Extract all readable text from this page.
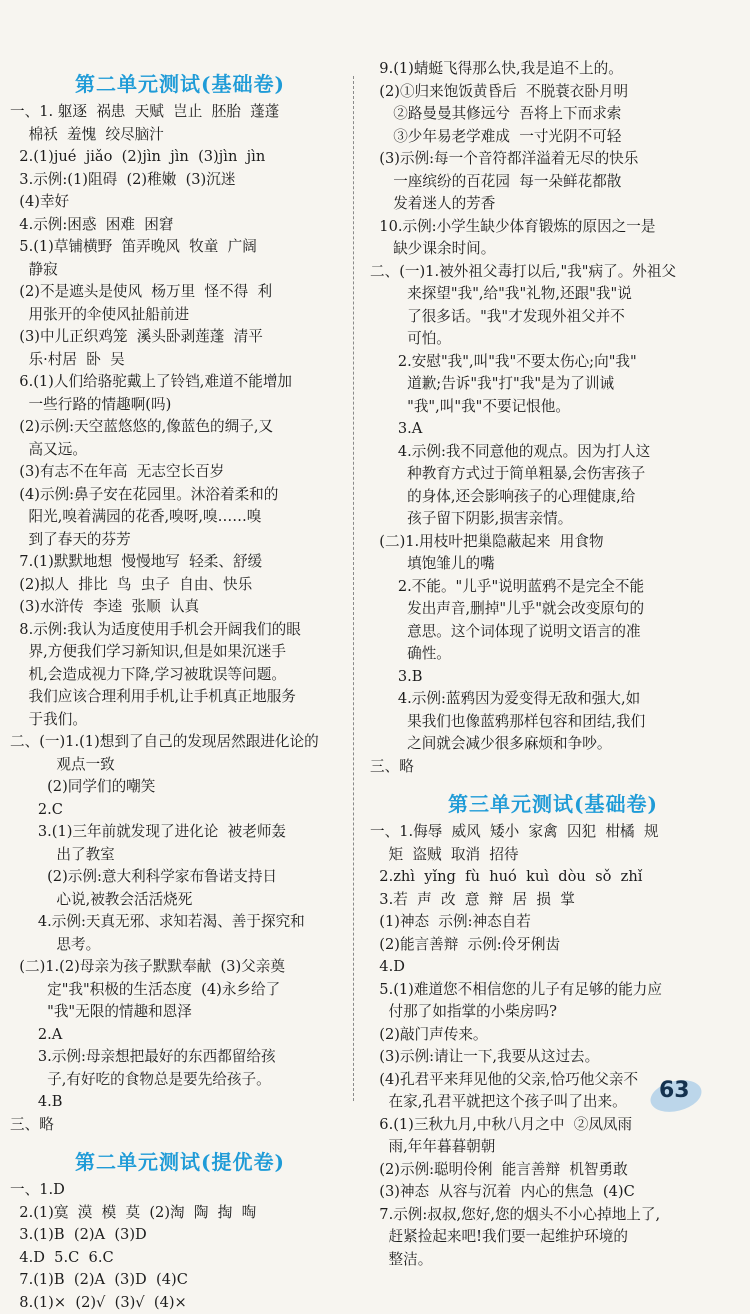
第二单元测试(基础卷)
一、1. 躯逐  祸患  天赋  岂止  胚胎  蓬蓬
棉袄  羞愧  绞尽脑汁
2.(1)jué  jiǎo  (2)jìn  jìn  (3)jìn  jìn
3.示例:(1)阻碍  (2)稚嫩  (3)沉迷
(4)幸好
4.示例:困惑  困难  困窘
5.(1)草铺横野  笛弄晚风  牧童  广阔
静寂
(2)不是遮头是使风  杨万里  怪不得  利
用张开的伞使风扯船前进
(3)中儿正织鸡笼  溪头卧剥莲蓬  清平
乐·村居  卧  吴
6.(1)人们给骆驼戴上了铃铛,难道不能增加
一些行路的情趣啊(吗)
(2)示例:天空蓝悠悠的,像蓝色的绸子,又
高又远。
(3)有志不在年高  无志空长百岁
(4)示例:鼻子安在花园里。沐浴着柔和的
阳光,嗅着满园的花香,嗅呀,嗅……嗅
到了春天的芬芳
7.(1)默默地想  慢慢地写  轻柔、舒缓
(2)拟人  排比  鸟  虫子  自由、快乐
(3)水浒传  李逵  张顺  认真
8.示例:我认为适度使用手机会开阔我们的眼
界,方便我们学习新知识,但是如果沉迷手
机,会造成视力下降,学习被耽误等问题。
我们应该合理利用手机,让手机真正地服务
于我们。
二、(一)1.(1)想到了自己的发现居然跟进化论的
观点一致
(2)同学们的嘲笑
2.C
3.(1)三年前就发现了进化论  被老师轰
出了教室
(2)示例:意大利科学家布鲁诺支持日
心说,被教会活活烧死
4.示例:天真无邪、求知若渴、善于探究和
思考。
(二)1.(2)母亲为孩子默默奉献  (3)父亲奠
定"我"积极的生活态度  (4)永乡给了
"我"无限的情趣和恩泽
2.A
3.示例:母亲想把最好的东西都留给孩
子,有好吃的食物总是要先给孩子。
4.B
三、略
第二单元测试(提优卷)
一、1.D
2.(1)寞  漠  模  莫  (2)淘  陶  掏  啕
3.(1)B  (2)A  (3)D
4.D  5.C  6.C
7.(1)B  (2)A  (3)D  (4)C
8.(1)×  (2)√  (3)√  (4)×
9.(1)蜻蜓飞得那么快,我是追不上的。
(2)①归来饱饭黄昏后  不脱蓑衣卧月明
②路曼曼其修远兮  吾将上下而求索
③少年易老学难成  一寸光阴不可轻
(3)示例:每一个音符都洋溢着无尽的快乐
一座缤纷的百花园  每一朵鲜花都散
发着迷人的芳香
10.示例:小学生缺少体育锻炼的原因之一是
缺少课余时间。
二、(一)1.被外祖父毒打以后,"我"病了。外祖父
来探望"我",给"我"礼物,还跟"我"说
了很多话。"我"才发现外祖父并不
可怕。
2.安慰"我",叫"我"不要太伤心;向"我"
道歉;告诉"我"打"我"是为了训诫
"我",叫"我"不要记恨他。
3.A
4.示例:我不同意他的观点。因为打人这
种教育方式过于简单粗暴,会伤害孩子
的身体,还会影响孩子的心理健康,给
孩子留下阴影,损害亲情。
(二)1.用枝叶把巢隐蔽起来  用食物
填饱雏儿的嘴
2.不能。"儿乎"说明蓝鸦不是完全不能
发出声音,删掉"儿乎"就会改变原句的
意思。这个词体现了说明文语言的准
确性。
3.B
4.示例:蓝鸦因为爱变得无敌和强大,如
果我们也像蓝鸦那样包容和团结,我们
之间就会减少很多麻烦和争吵。
三、略
第三单元测试(基础卷)
一、1.侮辱  威风  矮小  家禽  囚犯  柑橘  规
矩  盗贼  取消  招待
2.zhì  yǐng  fù  huó  kuì  dòu  sǒ  zhǐ
3.若  声  改  意  辩  居  损  掌
(1)神态  示例:神态自若
(2)能言善辩  示例:伶牙俐齿
4.D
5.(1)难道您不相信您的儿子有足够的能力应
付那了如指掌的小柴房吗?
(2)敲门声传来。
(3)示例:请让一下,我要从这过去。
(4)孔君平来拜见他的父亲,恰巧他父亲不
在家,孔君平就把这个孩子叫了出来。
6.(1)三秋九月,中秋八月之中  ②凤凤雨
雨,年年暮暮朝朝
(2)示例:聪明伶俐  能言善辩  机智勇敢
(3)神态  从容与沉着  内心的焦急  (4)C
7.示例:叔叔,您好,您的烟头不小心掉地上了,
赶紧捡起来吧!我们要一起维护环境的
整洁。
63
